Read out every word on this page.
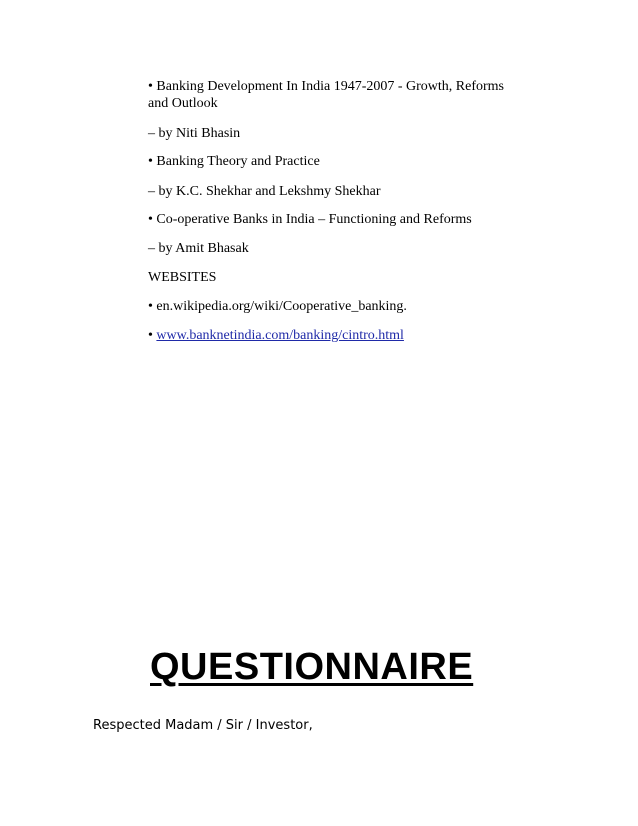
• Banking Development In India 1947-2007 - Growth, Reforms
and Outlook
– by Niti Bhasin
• Banking Theory and Practice
– by K.C. Shekhar and Lekshmy Shekhar
• Co-operative Banks in India – Functioning and Reforms
– by Amit Bhasak
WEBSITES
• en.wikipedia.org/wiki/Cooperative_banking.
• www.banknetindia.com/banking/cintro.html
QUESTIONNAIRE
Respected Madam / Sir / Investor,
